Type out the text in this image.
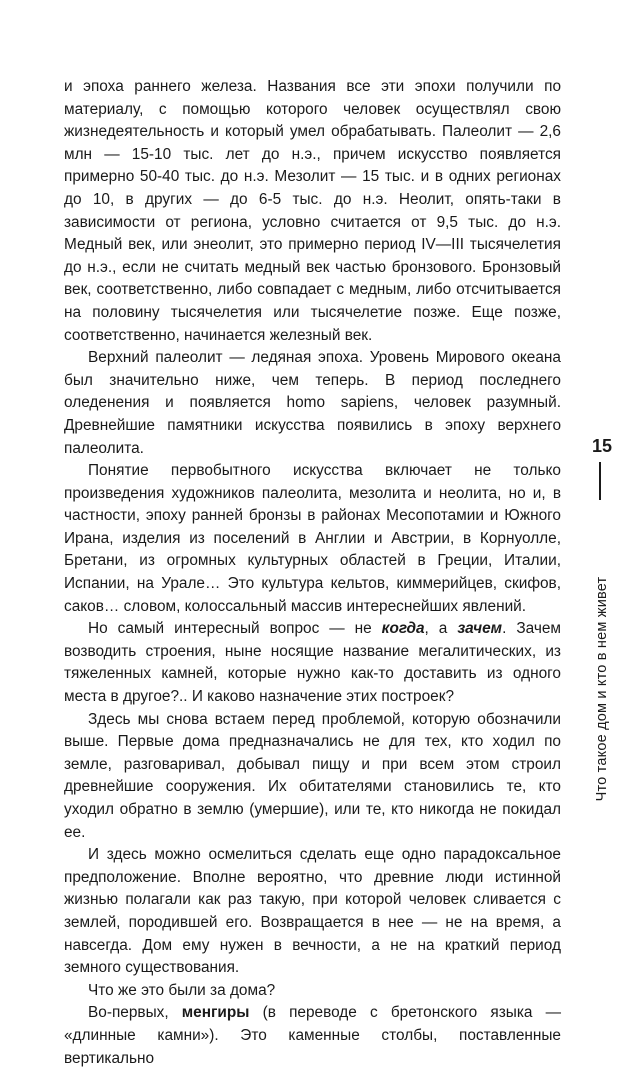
и эпоха раннего железа. Названия все эти эпохи получили по материалу, с помощью которого человек осуществлял свою жизнедеятельность и который умел обрабатывать. Палеолит — 2,6 млн — 15-10 тыс. лет до н.э., причем искусство появляется примерно 50-40 тыс. до н.э. Мезолит — 15 тыс. и в одних регионах до 10, в других — до 6-5 тыс. до н.э. Неолит, опять-таки в зависимости от региона, условно считается от 9,5 тыс. до н.э. Медный век, или энеолит, это примерно период IV—III тысячелетия до н.э., если не считать медный век частью бронзового. Бронзовый век, соответственно, либо совпадает с медным, либо отсчитывается на половину тысячелетия или тысячелетие позже. Еще позже, соответственно, начинается железный век.

Верхний палеолит — ледяная эпоха. Уровень Мирового океана был значительно ниже, чем теперь. В период последнего оледенения и появляется homo sapiens, человек разумный. Древнейшие памятники искусства появились в эпоху верхнего палеолита.

Понятие первобытного искусства включает не только произведения художников палеолита, мезолита и неолита, но и, в частности, эпоху ранней бронзы в районах Месопотамии и Южного Ирана, изделия из поселений в Англии и Австрии, в Корнуолле, Бретани, из огромных культурных областей в Греции, Италии, Испании, на Урале… Это культура кельтов, киммерийцев, скифов, саков… словом, колоссальный массив интереснейших явлений.

Но самый интересный вопрос — не когда, а зачем. Зачем возводить строения, ныне носящие название мегалитических, из тяжеленных камней, которые нужно как-то доставить из одного места в другое?.. И каково назначение этих построек?

Здесь мы снова встаем перед проблемой, которую обозначили выше. Первые дома предназначались не для тех, кто ходил по земле, разговаривал, добывал пищу и при всем этом строил древнейшие сооружения. Их обитателями становились те, кто уходил обратно в землю (умершие), или те, кто никогда не покидал ее.

И здесь можно осмелиться сделать еще одно парадоксальное предположение. Вполне вероятно, что древние люди истинной жизнью полагали как раз такую, при которой человек сливается с землей, породившей его. Возвращается в нее — не на время, а навсегда. Дом ему нужен в вечности, а не на краткий период земного существования.

Что же это были за дома?

Во-первых, менгиры (в переводе с бретонского языка — «длинные камни»). Это каменные столбы, поставленные вертикально

15
Что такое дом и кто в нем живет
